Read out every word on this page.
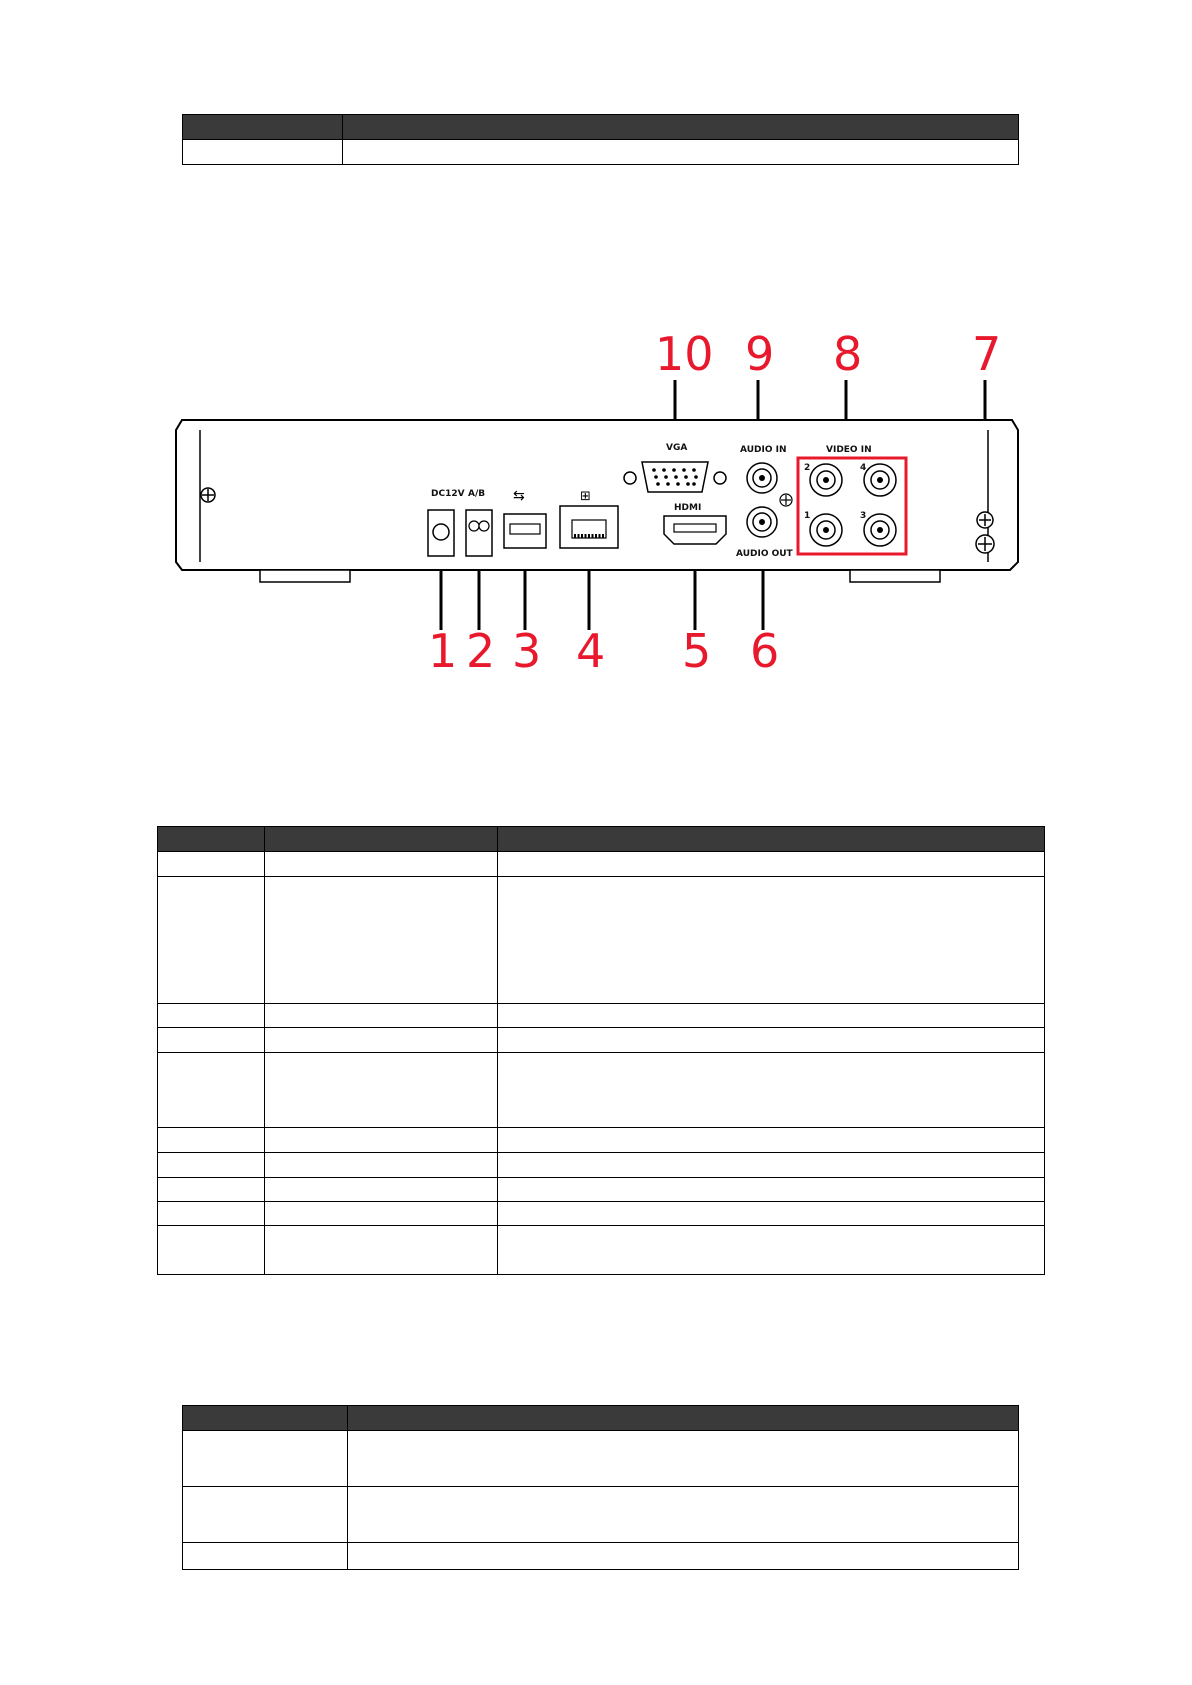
DC12V A/B ⇆	⊞
VGA
HDMI
AUDIO IN
AUDIO OUT
VIDEO IN
2	4
1	3
10 9 8 7
1 2 3 4 5 6
